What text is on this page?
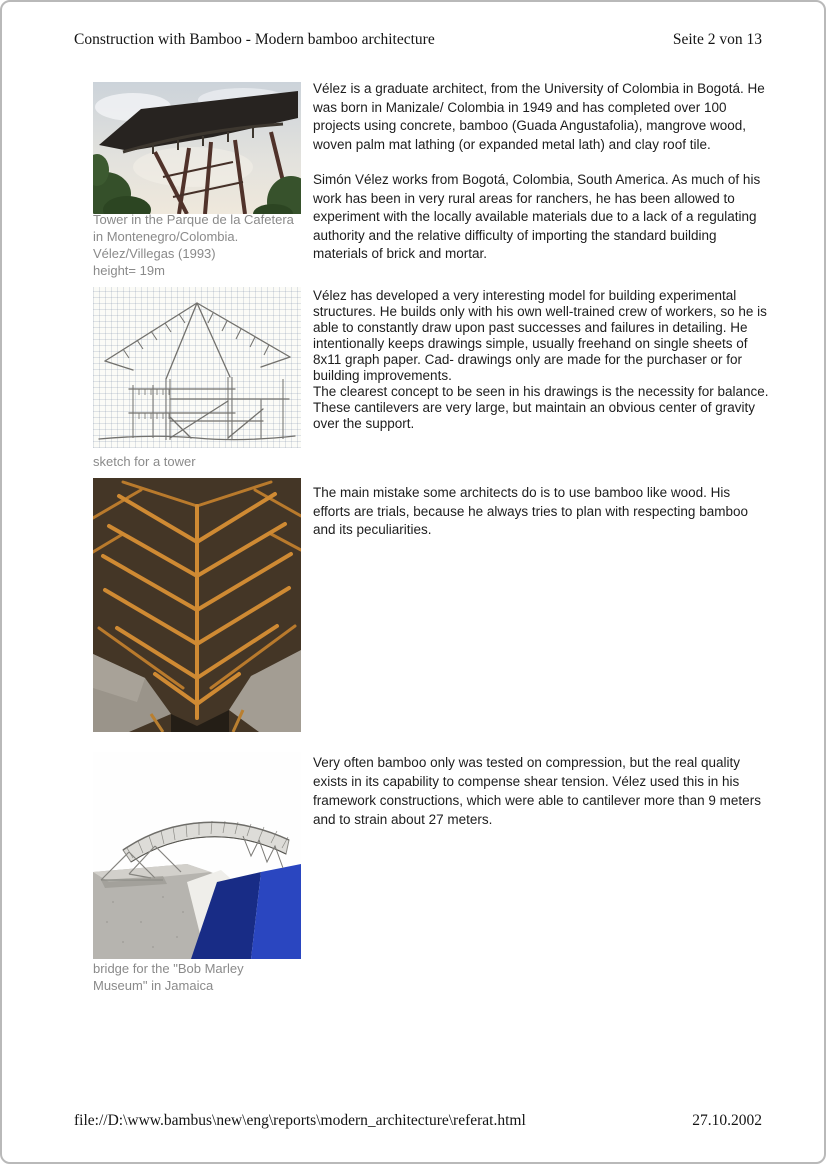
Construction with Bamboo - Modern bamboo architecture	Seite 2 von 13
Tower in the Parque de la Cafetera
in Montenegro/Colombia.
Vélez/Villegas (1993)
height= 19m
Vélez is a graduate architect, from the University of Colombia in Bogotá. He
was born in Manizale/ Colombia in 1949 and has completed over 100
projects using concrete, bamboo (Guada Angustafolia), mangrove wood,
woven palm mat lathing (or expanded metal lath) and clay roof tile.
Simón Vélez works from Bogotá, Colombia, South America. As much of his
work has been in very rural areas for ranchers, he has been allowed to
experiment with the locally available materials due to a lack of a regulating
authority and the relative difficulty of importing the standard building
materials of brick and mortar.
Vélez has developed a very interesting model for building experimental
structures. He builds only with his own well-trained crew of workers, so he is
able to constantly draw upon past successes and failures in detailing. He
intentionally keeps drawings simple, usually freehand on single sheets of
8x11 graph paper. Cad- drawings only are made for the purchaser or for
building improvements.
The clearest concept to be seen in his drawings is the necessity for balance.
These cantilevers are very large, but maintain an obvious center of gravity
over the support.
sketch for a tower
The main mistake some architects do is to use bamboo like wood. His
efforts are trials, because he always tries to plan with respecting bamboo
and its peculiarities.
Very often bamboo only was tested on compression, but the real quality
exists in its capability to compense shear tension. Vélez used this in his
framework constructions, which were able to cantilever more than 9 meters
and to strain about 27 meters.
bridge for the "Bob Marley
Museum" in Jamaica
file://D:\www.bambus\new\eng\reports\modern_architecture\referat.html	27.10.2002
